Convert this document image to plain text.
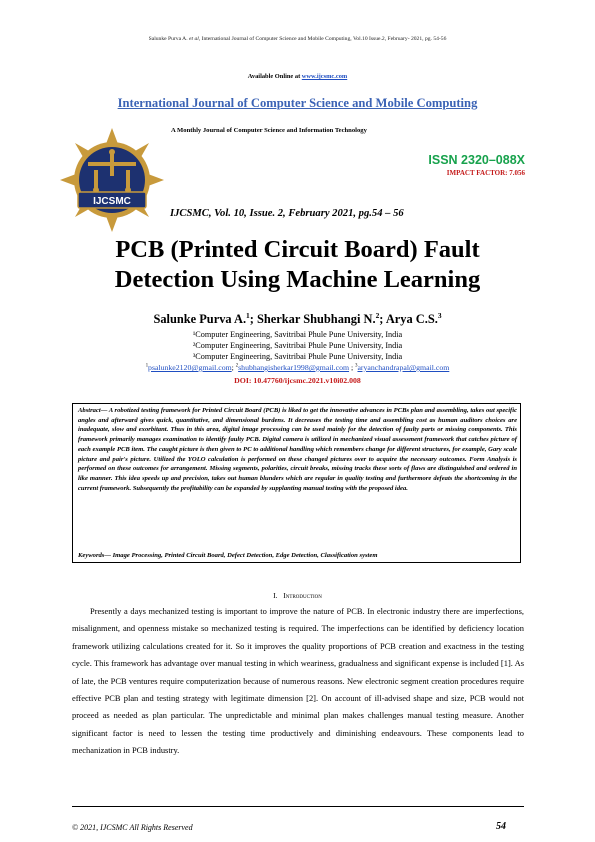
Salunke Purva A. et al, International Journal of Computer Science and Mobile Computing, Vol.10 Issue.2, February- 2021, pg. 54-56
Available Online at www.ijcsmc.com
International Journal of Computer Science and Mobile Computing
A Monthly Journal of Computer Science and Information Technology
ISSN 2320–088X
IMPACT FACTOR: 7.056
IJCSMC
IJCSMC, Vol. 10, Issue. 2, February 2021, pg.54 – 56
PCB (Printed Circuit Board) Fault
Detection Using Machine Learning
Salunke Purva A.$^1$; Sherkar Shubhangi N.$^2$; Arya C.S.$^3$
¹Computer Engineering, Savitribai Phule Pune University, India
²Computer Engineering, Savitribai Phule Pune University, India
³Computer Engineering, Savitribai Phule Pune University, India
$^1$psalunke2120@gmail.com; $^2$shubhangisherkar1998@gmail.com ; $^3$aryanchandrapal@gmail.com
DOI: 10.47760/ijcsmc.2021.v10i02.008
Abstract— A robotized testing framework for Printed Circuit Board (PCB) is liked to get the innovative advances in PCBs plan and assembling, takes out specific angles and afterward gives quick, quantitative, and dimensional burdens. It decreases the testing time and assembling cost as human auditors choices are inadequate, slow and exorbitant. Thus in this area, digital image processing can be used mainly for the detection of faulty parts or missing components. This framework primarily manages examination to identify faulty PCB. Digital camera is utilized in mechanized visual assessment framework that catches picture of each example PCB item. The caught picture is then given to PC to additional handling which remembers change for different structures, for example, Gary scale picture and pair's picture. Utilized the YOLO calculation is performed on these changed pictures over to acquire the necessary outcomes. Form Analysis is performed on these outcomes for arrangement. Missing segments, polarities, circuit breaks, missing tracks these sorts of flaws are distinguished and ordered in like manner. This idea speeds up and precision, takes out human blunders which are regular in quality testing and furthermore defeats the shortcoming in the current framework. Subsequently the profitability can be expanded by supplanting manual testing with the proposed idea.
Keywords— Image Processing, Printed Circuit Board, Defect Detection, Edge Detection, Classification system
I. Introduction
Presently a days mechanized testing is important to improve the nature of PCB. In electronic industry there are imperfections, misalignment, and openness mistake so mechanized testing is required. The imperfections can be identified by deficiency location framework utilizing calculations created for it. So it improves the quality proportions of PCB creation and exactness in the testing cycle. This framework has advantage over manual testing in which weariness, gradualness and significant expense is included [1]. As of late, the PCB ventures require computerization because of numerous reasons. New electronic segment creation procedures require effective PCB plan and testing strategy with legitimate dimension [2]. On account of ill-advised shape and size, PCB would not proceed as needed as plan particular. The unpredictable and minimal plan makes challenges manual testing measure. Another significant factor is need to lessen the testing time productively and diminishing endeavours. These components lead to mechanization in PCB industry.
© 2021, IJCSMC All Rights Reserved	54
